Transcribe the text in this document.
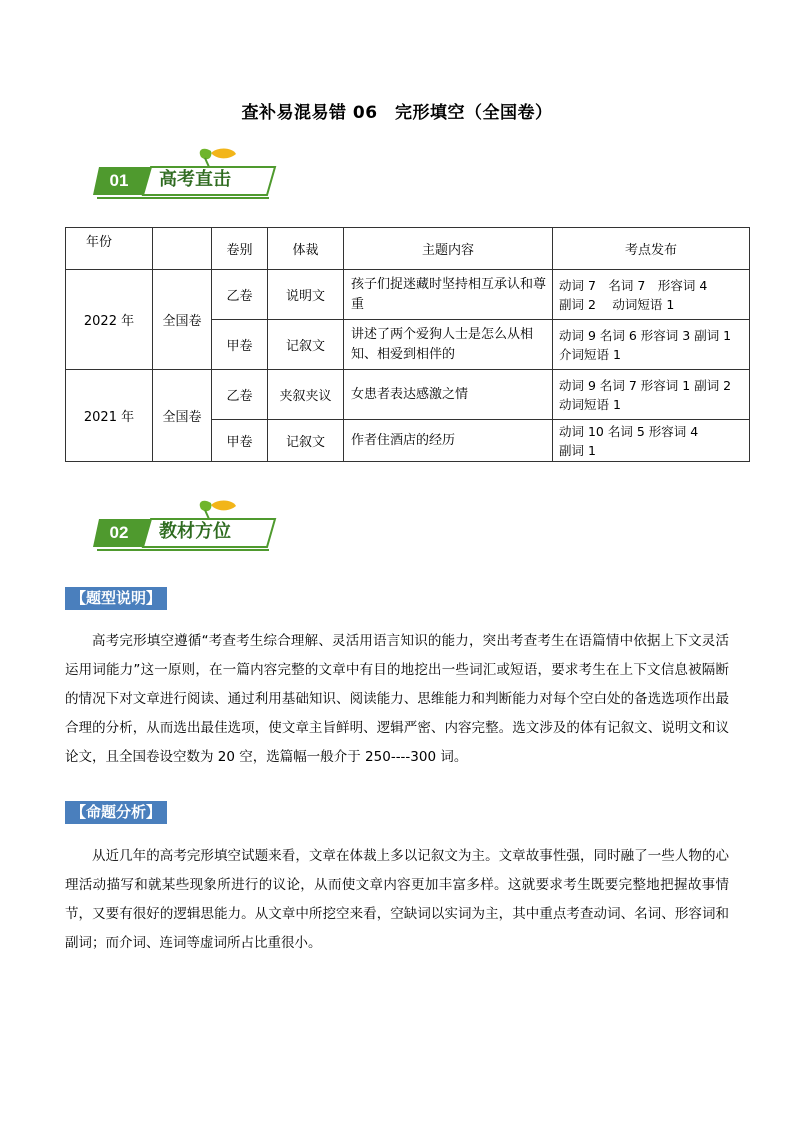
查补易混易错 06　完形填空（全国卷）
01	高考直击
年份		卷别	体裁	主题内容	考点发布
2022 年	全国卷	乙卷	说明文	孩子们捉迷藏时坚持相互承认和尊重	动词 7　名词 7　形容词 4
副词 2　 动词短语 1

		甲卷	记叙文	讲述了两个爱狗人士是怎么从相知、相爱到相伴的	动词 9 名词 6 形容词 3 副词 1
介词短语 1

2021 年	全国卷	乙卷	夹叙夹议	女患者表达感激之情	动词 9 名词 7 形容词 1 副词 2
动词短语 1

		甲卷	记叙文	作者住酒店的经历	动词 10 名词 5 形容词 4
副词 1
02	教材方位
【题型说明】
高考完形填空遵循“考查考生综合理解、灵活用语言知识的能力，突出考查考生在语篇情中依据上下文灵活运用词能力”这一原则，在一篇内容完整的文章中有目的地挖出一些词汇或短语，要求考生在上下文信息被隔断的情况下对文章进行阅读、通过利用基础知识、阅读能力、思维能力和判断能力对每个空白处的备选选项作出最合理的分析，从而选出最佳选项，使文章主旨鲜明、逻辑严密、内容完整。选文涉及的体有记叙文、说明文和议论文，且全国卷设空数为 20 空，选篇幅一般介于 250----300 词。
【命题分析】
从近几年的高考完形填空试题来看，文章在体裁上多以记叙文为主。文章故事性强，同时融了一些人物的心理活动描写和就某些现象所进行的议论，从而使文章内容更加丰富多样。这就要求考生既要完整地把握故事情节，又要有很好的逻辑思能力。从文章中所挖空来看，空缺词以实词为主，其中重点考查动词、名词、形容词和副词；而介词、连词等虚词所占比重很小。
